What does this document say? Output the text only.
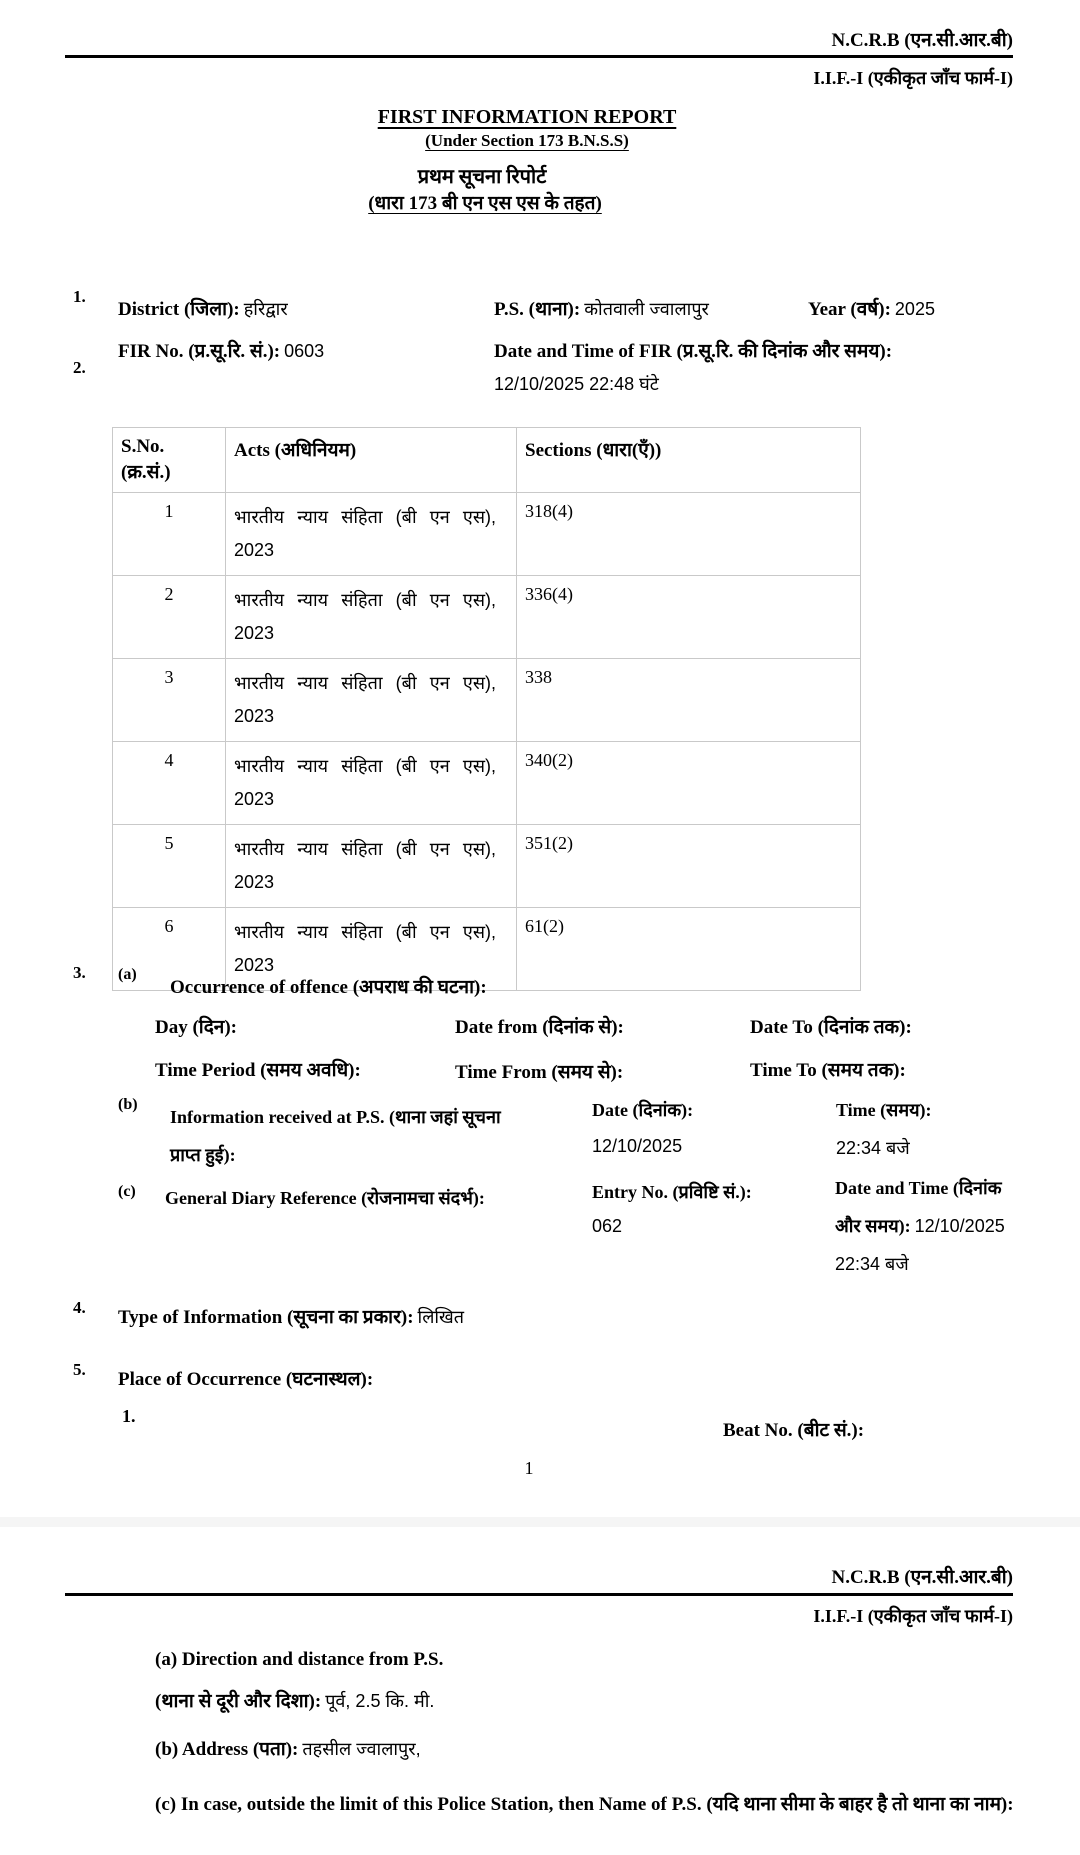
N.C.R.B (एन.सी.आर.बी)
I.I.F.-I (एकीकृत जाँच फार्म-I)
FIRST INFORMATION REPORT
(Under Section 173 B.N.S.S)
प्रथम सूचना रिपोर्ट
(धारा 173 बी एन एस एस के तहत)
1.
District (जिला): हरिद्वार	P.S. (थाना): कोतवाली ज्वालापुर	Year (वर्ष): 2025
FIR No. (प्र.सू.रि. सं.): 0603	Date and Time of FIR (प्र.सू.रि. की दिनांक और समय):
12/10/2025 22:48 घंटे
2.
S.No. (क्र.सं.)	Acts (अधिनियम)	Sections (धारा(एँ))
1	भारतीय न्याय संहिता (बी एन एस), 2023	318(4)
2	भारतीय न्याय संहिता (बी एन एस), 2023	336(4)
3	भारतीय न्याय संहिता (बी एन एस), 2023	338
4	भारतीय न्याय संहिता (बी एन एस), 2023	340(2)
5	भारतीय न्याय संहिता (बी एन एस), 2023	351(2)
6	भारतीय न्याय संहिता (बी एन एस), 2023	61(2)
3. (a)
Occurrence of offence (अपराध की घटना):
Day (दिन):	Date from (दिनांक से):	Date To (दिनांक तक):
Time Period (समय अवधि):	Time From (समय से):	Time To (समय तक):
(b)
Information received at P.S. (थाना जहां सूचना प्राप्त हुई):
Date (दिनांक):
12/10/2025
Time (समय):
22:34 बजे
(c) General Diary Reference (रोजनामचा संदर्भ):	Entry No. (प्रविष्टि सं.):
062
Date and Time (दिनांक और समय): 12/10/2025 22:34 बजे
4. Type of Information (सूचना का प्रकार): लिखित
5. Place of Occurrence (घटनास्थल):
1.
Beat No. (बीट सं.):
1
N.C.R.B (एन.सी.आर.बी)
I.I.F.-I (एकीकृत जाँच फार्म-I)
(a) Direction and distance from P.S.
(थाना से दूरी और दिशा): पूर्व, 2.5 कि. मी.
(b) Address (पता): तहसील ज्वालापुर,
(c) In case, outside the limit of this Police Station, then Name of P.S. (यदि थाना सीमा के बाहर है तो थाना का नाम):
